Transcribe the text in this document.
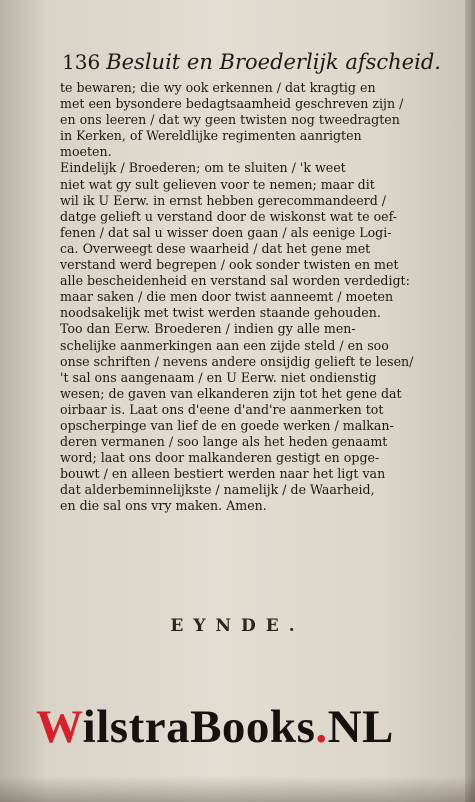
136 Besluit en Broederlijk afscheid.
te bewaren; die wy ook erkennen / dat kragtig en
met een bysondere bedagtsaamheid geschreven zijn /
en ons leeren / dat wy geen twisten nog tweedragten
in Kerken, of Wereldlijke regimenten aanrigten
moeten.
Eindelijk / Broederen; om te sluiten / 'k weet
niet wat gy sult gelieven voor te nemen; maar dit
wil ik U Eerw. in ernst hebben gerecommandeerd /
datge gelieft u verstand door de wiskonst wat te oef-
fenen / dat sal u wisser doen gaan / als eenige Logi-
ca. Overweegt dese waarheid / dat het gene met
verstand werd begrepen / ook sonder twisten en met
alle bescheidenheid en verstand sal worden verdedigt:
maar saken / die men door twist aanneemt / moeten
noodsakelijk met twist werden staande gehouden.
Too dan Eerw. Broederen / indien gy alle men-
schelijke aanmerkingen aan een zijde steld / en soo
onse schriften / nevens andere onsijdig gelieft te lesen/
't sal ons aangenaam / en U Eerw. niet ondienstig
wesen; de gaven van elkanderen zijn tot het gene dat
oirbaar is. Laat ons d'eene d'and're aanmerken tot
opscherpinge van lief de en goede werken / malkan-
deren vermanen / soo lange als het heden genaamt
word; laat ons door malkanderen gestigt en opge-
bouwt / en alleen bestiert werden naar het ligt van
dat alderbeminnelijkste / namelijk / de Waarheid,
en die sal ons vry maken. Amen.
EYNDE.
WilstraBooks.NL
